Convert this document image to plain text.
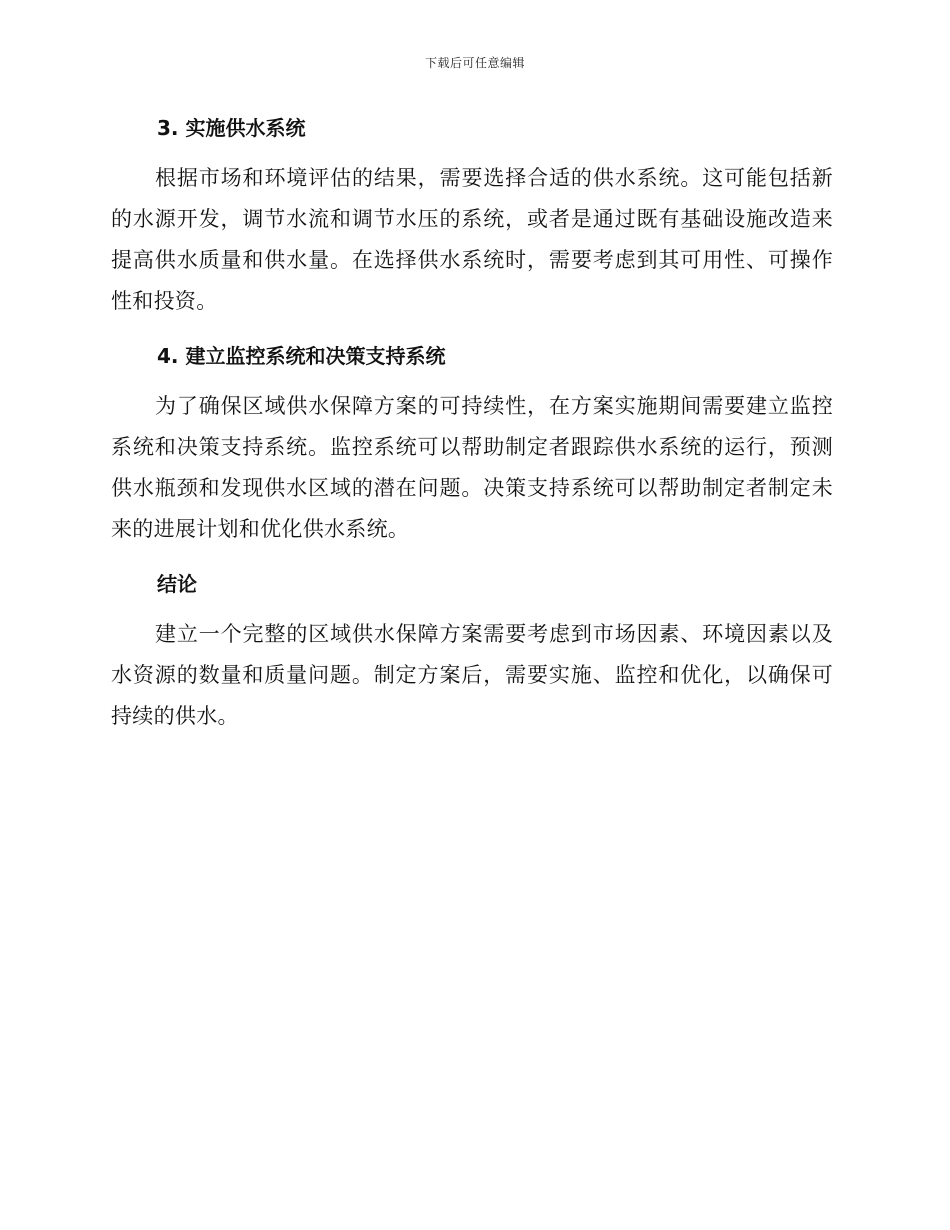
下载后可任意编辑
3. 实施供水系统

根据市场和环境评估的结果，需要选择合适的供水系统。这可能包括新的水源开发，调节水流和调节水压的系统，或者是通过既有基础设施改造来提高供水质量和供水量。在选择供水系统时，需要考虑到其可用性、可操作性和投资。

4. 建立监控系统和决策支持系统

为了确保区域供水保障方案的可持续性，在方案实施期间需要建立监控系统和决策支持系统。监控系统可以帮助制定者跟踪供水系统的运行，预测供水瓶颈和发现供水区域的潜在问题。决策支持系统可以帮助制定者制定未来的进展计划和优化供水系统。

结论

建立一个完整的区域供水保障方案需要考虑到市场因素、环境因素以及水资源的数量和质量问题。制定方案后，需要实施、监控和优化，以确保可持续的供水。
